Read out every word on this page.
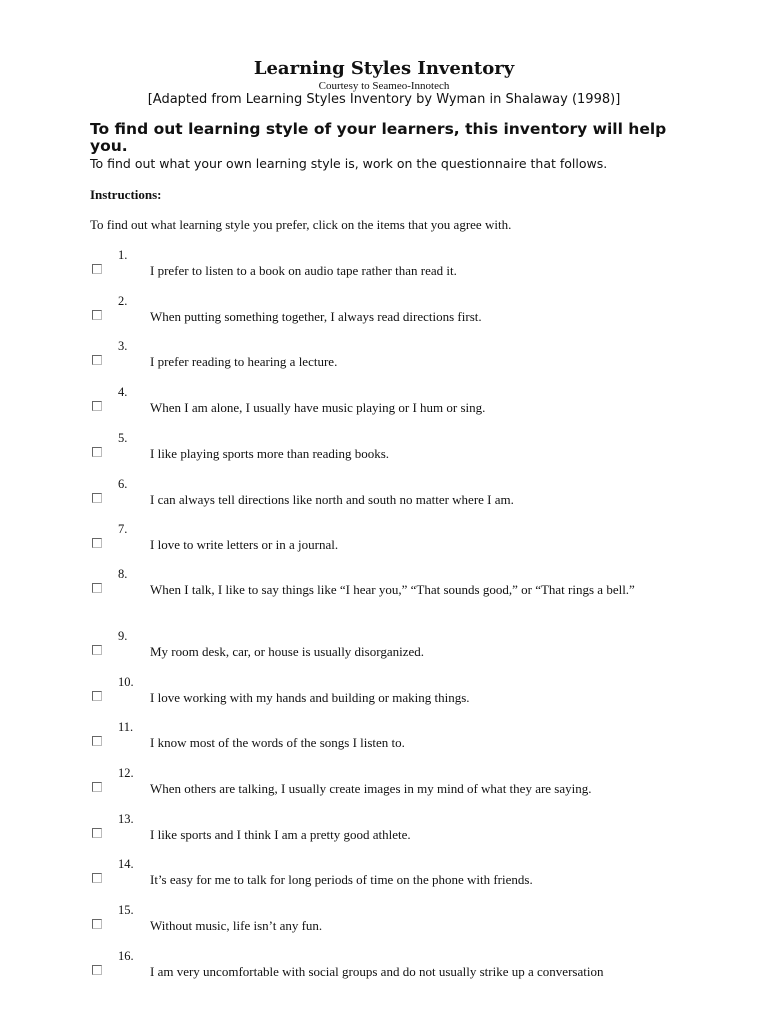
Learning Styles Inventory
Courtesy to Seameo-Innotech
[Adapted from Learning Styles Inventory by Wyman in Shalaway (1998)]
To find out learning style of your learners, this inventory will help you.
To find out what your own learning style is, work on the questionnaire that follows.
Instructions:
To find out what learning style you prefer, click on the items that you agree with.
1.
I prefer to listen to a book on audio tape rather than read it.
2.
When putting something together, I always read directions first.
3.
I prefer reading to hearing a lecture.
4.
When I am alone, I usually have music playing or I hum or sing.
5.
I like playing sports more than reading books.
6.
I can always tell directions like north and south no matter where I am.
7.
I love to write letters or in a journal.
8.
When I talk, I like to say things like “I hear you,” “That sounds good,” or “That rings a bell.”
9.
My room desk, car, or house is usually disorganized.
10.
I love working with my hands and building or making things.
11.
I know most of the words of the songs I listen to.
12.
When others are talking, I usually create images in my mind of what they are saying.
13.
I like sports and I think I am a pretty good athlete.
14.
It’s easy for me to talk for long periods of time on the phone with friends.
15.
Without music, life isn’t any fun.
16.
I am very uncomfortable with social groups and do not usually strike up a conversation
